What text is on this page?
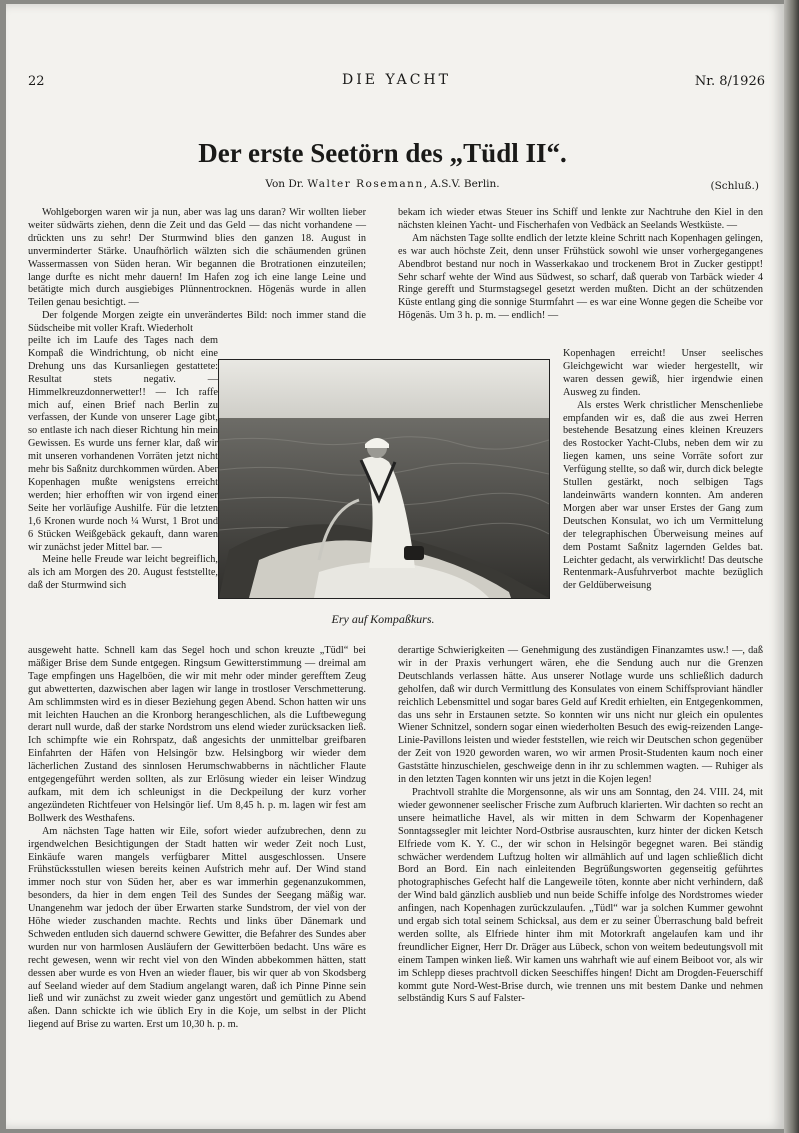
22	DIE YACHT	Nr. 8/1926
Der erste Seetörn des „Tüdl II“.
Von Dr. Walter Rosemann, A.S.V. Berlin.	(Schluß.)

Wohlgeborgen waren wir ja nun, aber was lag uns daran? Wir wollten lieber weiter südwärts ziehen, denn die Zeit und das Geld — das nicht vorhandene — drückten uns zu sehr! Der Sturmwind blies den ganzen 18. August in unverminderter Stärke. Unaufhörlich wälzten sich die schäumenden grünen Wassermassen von Süden heran. Wir begannen die Brotrationen einzuteilen; lange durfte es nicht mehr dauern! Im Hafen zog ich eine lange Leine und betätigte mich durch ausgiebiges Plünnentrocknen. Högenäs wurde in allen Teilen genau besichtigt. —

Der folgende Morgen zeigte ein unverändertes Bild: noch immer stand die Südscheibe mit voller Kraft. Wiederholt

peilte ich im Laufe des Tages nach dem Kompaß die Windrichtung, ob nicht eine Drehung uns das Kursanliegen gestattete: Resultat stets negativ. — Himmelkreuzdonnerwetter!! — Ich raffe mich auf, einen Brief nach Berlin zu verfassen, der Kunde von unserer Lage gibt, so entlaste ich nach dieser Richtung hin mein Gewissen. Es wurde uns ferner klar, daß wir mit unseren vorhandenen Vorräten jetzt nicht mehr bis Saßnitz durchkommen würden. Aber Kopenhagen mußte wenigstens erreicht werden; hier erhofften wir von irgend einer Seite her vorläufige Aushilfe. Für die letzten 1,6 Kronen wurde noch ¼ Wurst, 1 Brot und 6 Stücken Weißgebäck gekauft, dann waren wir zunächst jeder Mittel bar. —

Meine helle Freude war leicht begreiflich, als ich am Morgen des 20. August feststellte, daß der Sturmwind sich

bekam ich wieder etwas Steuer ins Schiff und lenkte zur Nachtruhe den Kiel in den nächsten kleinen Yacht- und Fischerhafen von Vedbäck an Seelands Westküste. —

Am nächsten Tage sollte endlich der letzte kleine Schritt nach Kopenhagen gelingen, es war auch höchste Zeit, denn unser Frühstück sowohl wie unser vorhergegangenes Abendbrot bestand nur noch in Wasserkakao und trockenem Brot in Zucker gestippt! Sehr scharf wehte der Wind aus Südwest, so scharf, daß querab von Tarbäck wieder 4 Ringe gerefft und Sturmstagsegel gesetzt werden mußten. Dicht an der schützenden Küste entlang ging die sonnige Sturmfahrt — es war eine Wonne gegen die Scheibe vor Högenäs. Um 3 h. p. m. — endlich! —

Kopenhagen erreicht! Unser seelisches Gleichgewicht war wieder hergestellt, wir waren dessen gewiß, hier irgendwie einen Ausweg zu finden.

Als erstes Werk christlicher Menschenliebe empfanden wir es, daß die aus zwei Herren bestehende Besatzung eines kleinen Kreuzers des Rostocker Yacht-Clubs, neben dem wir zu liegen kamen, uns seine Vorräte sofort zur Verfügung stellte, so daß wir, durch dick belegte Stullen gestärkt, noch selbigen Tags landeinwärts wandern konnten. Am anderen Morgen aber war unser Erstes der Gang zum Deutschen Konsulat, wo ich um Vermittelung der telegraphischen Überweisung meines auf dem Postamt Saßnitz lagernden Geldes bat. Leichter gedacht, als verwirklicht! Das deutsche Rentenmark-Ausfuhrverbot machte bezüglich der Geldüberweisung

Ery auf Kompaßkurs.

ausgeweht hatte. Schnell kam das Segel hoch und schon kreuzte „Tüdl“ bei mäßiger Brise dem Sunde entgegen. Ringsum Gewitterstimmung — dreimal am Tage empfingen uns Hagelböen, die wir mit mehr oder minder gerefftem Zeug gut abwetterten, dazwischen aber lagen wir lange in trostloser Verschmetterung. Am schlimmsten wird es in dieser Beziehung gegen Abend. Schon hatten wir uns mit leichten Hauchen an die Kronborg herangeschlichen, als die Luftbewegung derart null wurde, daß der starke Nordstrom uns elend wieder zurücksacken ließ. Ich schimpfte wie ein Rohrspatz, daß angesichts der unmittelbar greifbaren Einfahrten der Häfen von Helsingör bzw. Helsingborg wir wieder dem lächerlichen Zustand des sinnlosen Herumschwabberns in nächtlicher Flaute entgegengeführt werden sollten, als zur Erlösung wieder ein leiser Windzug aufkam, mit dem ich schleunigst in die Deckpeilung der kurz vorher angezündeten Richtfeuer von Helsingör lief. Um 8,45 h. p. m. lagen wir fest am Bollwerk des Westhafens.

Am nächsten Tage hatten wir Eile, sofort wieder aufzubrechen, denn zu irgendwelchen Besichtigungen der Stadt hatten wir weder Zeit noch Lust, Einkäufe waren mangels verfügbarer Mittel ausgeschlossen. Unsere Frühstücksstullen wiesen bereits keinen Aufstrich mehr auf. Der Wind stand immer noch stur von Süden her, aber es war immerhin gegenanzukommen, besonders, da hier in dem engen Teil des Sundes der Seegang mäßig war. Unangenehm war jedoch der über Erwarten starke Sundstrom, der viel von der Höhe wieder zuschanden machte. Rechts und links über Dänemark und Schweden entluden sich dauernd schwere Gewitter, die Befahrer des Sundes aber wurden nur von harmlosen Ausläufern der Gewitterböen bedacht. Uns wäre es recht gewesen, wenn wir recht viel von den Winden abbekommen hätten, statt dessen aber wurde es von Hven an wieder flauer, bis wir quer ab von Skodsberg auf Seeland wieder auf dem Stadium angelangt waren, daß ich Pinne Pinne sein ließ und wir zunächst zu zweit wieder ganz ungestört und gemütlich zu Abend aßen. Dann schickte ich wie üblich Ery in die Koje, um selbst in der Plicht liegend auf Brise zu warten. Erst um 10,30 h. p. m.

derartige Schwierigkeiten — Genehmigung des zuständigen Finanzamtes usw.! —, daß wir in der Praxis verhungert wären, ehe die Sendung auch nur die Grenzen Deutschlands verlassen hätte. Aus unserer Notlage wurde uns schließlich dadurch geholfen, daß wir durch Vermittlung des Konsulates von einem Schiffsproviant händler reichlich Lebensmittel und sogar bares Geld auf Kredit erhielten, ein Entgegenkommen, das uns sehr in Erstaunen setzte. So konnten wir uns nicht nur gleich ein opulentes Wiener Schnitzel, sondern sogar einen wiederholten Besuch des ewig-reizenden Lange-Linie-Pavillons leisten und wieder feststellen, wie reich wir Deutschen schon gegenüber der Zeit von 1920 geworden waren, wo wir armen Prosit-Studenten kaum noch einer Gaststätte hinzuschielen, geschweige denn in ihr zu schlemmen wagten. — Ruhiger als in den letzten Tagen konnten wir uns jetzt in die Kojen legen!

Prachtvoll strahlte die Morgensonne, als wir uns am Sonntag, den 24. VIII. 24, mit wieder gewonnener seelischer Frische zum Aufbruch klarierten. Wir dachten so recht an unsere heimatliche Havel, als wir mitten in dem Schwarm der Kopenhagener Sonntagssegler mit leichter Nord-Ostbrise ausrauschten, kurz hinter der dicken Ketsch Elfriede vom K. Y. C., der wir schon in Helsingör begegnet waren. Bei ständig schwächer werdendem Luftzug holten wir allmählich auf und lagen schließlich dicht Bord an Bord. Ein nach einleitenden Begrüßungsworten gegenseitig geführtes photographisches Gefecht half die Langeweile töten, konnte aber nicht verhindern, daß der Wind bald gänzlich ausblieb und nun beide Schiffe infolge des Nordstromes wieder anfingen, nach Kopenhagen zurückzulaufen. „Tüdl“ war ja solchen Kummer gewohnt und ergab sich total seinem Schicksal, aus dem er zu seiner Überraschung bald befreit werden sollte, als Elfriede hinter ihm mit Motorkraft angelaufen kam und ihr freundlicher Eigner, Herr Dr. Dräger aus Lübeck, schon von weitem bedeutungsvoll mit einem Tampen winken ließ. Wir kamen uns wahrhaft wie auf einem Beiboot vor, als wir im Schlepp dieses prachtvoll dicken Seeschiffes hingen! Dicht am Drogden-Feuerschiff kommt gute Nord-West-Brise durch, wie trennen uns mit bestem Danke und nehmen selbständig Kurs S auf Falster-
